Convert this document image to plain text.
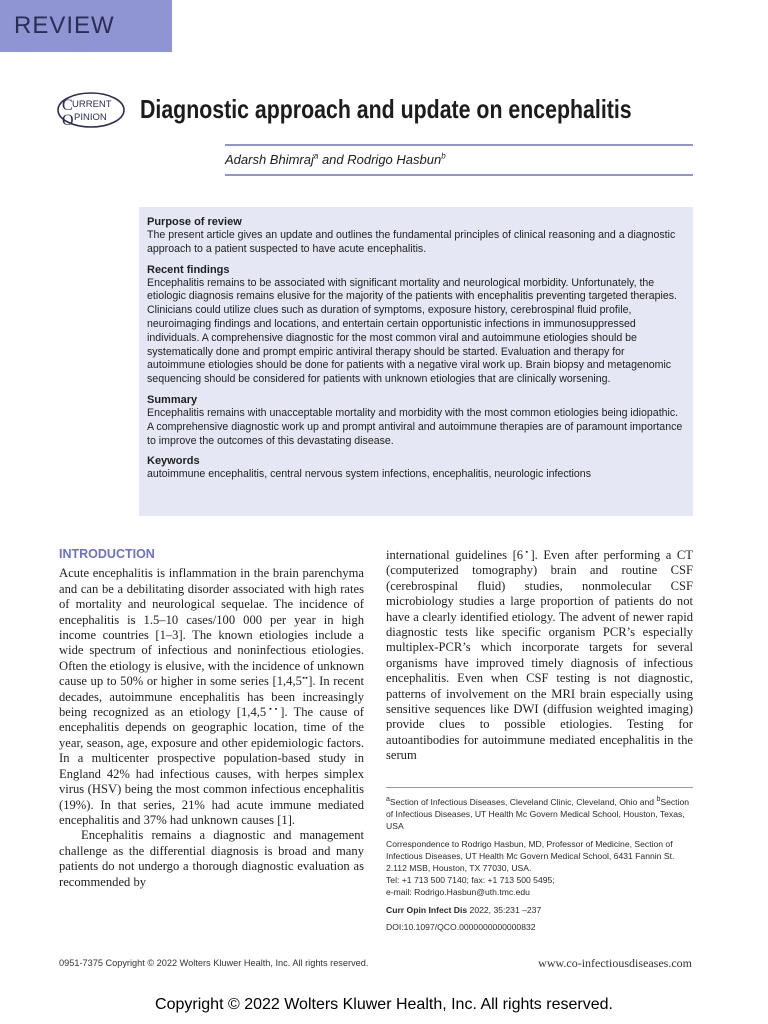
REVIEW
C
O
URRENT
PINION Diagnostic approach and update on encephalitis
Adarsh Bhimraj$^a$ and Rodrigo Hasbun$^b$
Purpose of review

The present article gives an update and outlines the fundamental principles of clinical reasoning and a diagnostic approach to a patient suspected to have acute encephalitis.

Recent findings

Encephalitis remains to be associated with significant mortality and neurological morbidity. Unfortunately, the etiologic diagnosis remains elusive for the majority of the patients with encephalitis preventing targeted therapies. Clinicians could utilize clues such as duration of symptoms, exposure history, cerebrospinal fluid profile, neuroimaging findings and locations, and entertain certain opportunistic infections in immunosuppressed individuals. A comprehensive diagnostic for the most common viral and autoimmune etiologies should be systematically done and prompt empiric antiviral therapy should be started. Evaluation and therapy for autoimmune etiologies should be done for patients with a negative viral work up. Brain biopsy and metagenomic sequencing should be considered for patients with unknown etiologies that are clinically worsening.

Summary

Encephalitis remains with unacceptable mortality and morbidity with the most common etiologies being idiopathic. A comprehensive diagnostic work up and prompt antiviral and autoimmune therapies are of paramount importance to improve the outcomes of this devastating disease.

Keywords

autoimmune encephalitis, central nervous system infections, encephalitis, neurologic infections

INTRODUCTION

Acute encephalitis is inflammation in the brain parenchyma and can be a debilitating disorder associated with high rates of mortality and neurological sequelae. The incidence of encephalitis is 1.5–10 cases/100 000 per year in high income countries [1–3]. The known etiologies include a wide spectrum of infectious and noninfectious etiologies. Often the etiology is elusive, with the incidence of unknown cause up to 50% or higher in some series [1,4,5▪▪]. In recent decades, autoimmune encephalitis has been increasingly being recognized as an etiology [1,4,5▪▪]. The cause of encephalitis depends on geographic location, time of the year, season, age, exposure and other epidemiologic factors. In a multicenter prospective population-based study in England 42% had infectious causes, with herpes simplex virus (HSV) being the most common infectious encephalitis (19%). In that series, 21% had acute immune mediated encephalitis and 37% had unknown causes [1].

Encephalitis remains a diagnostic and management challenge as the differential diagnosis is broad and many patients do not undergo a thorough diagnostic evaluation as recommended by

international guidelines [6▪]. Even after performing a CT (computerized tomography) brain and routine CSF (cerebrospinal fluid) studies, nonmolecular CSF microbiology studies a large proportion of patients do not have a clearly identified etiology. The advent of newer rapid diagnostic tests like specific organism PCR’s especially multiplex-PCR’s which incorporate targets for several organisms have improved timely diagnosis of infectious encephalitis. Even when CSF testing is not diagnostic, patterns of involvement on the MRI brain especially using sensitive sequences like DWI (diffusion weighted imaging) provide clues to possible etiologies. Testing for autoantibodies for autoimmune mediated encephalitis in the serum

$^a$Section of Infectious Diseases, Cleveland Clinic, Cleveland, Ohio and $^b$Section of Infectious Diseases, UT Health Mc Govern Medical School, Houston, Texas, USA

Correspondence to Rodrigo Hasbun, MD, Professor of Medicine, Section of Infectious Diseases, UT Health Mc Govern Medical School, 6431 Fannin St. 2.112 MSB, Houston, TX 77030, USA.

Tel: +1 713 500 7140; fax: +1 713 500 5495;

e-mail: Rodrigo.Hasbun@uth.tmc.edu

Curr Opin Infect Dis 2022, 35:231 –237

DOI:10.1097/QCO.0000000000000832

0951-7375 Copyright © 2022 Wolters Kluwer Health, Inc. All rights reserved.	www.co-infectiousdiseases.com
Copyright © 2022 Wolters Kluwer Health, Inc. All rights reserved.
